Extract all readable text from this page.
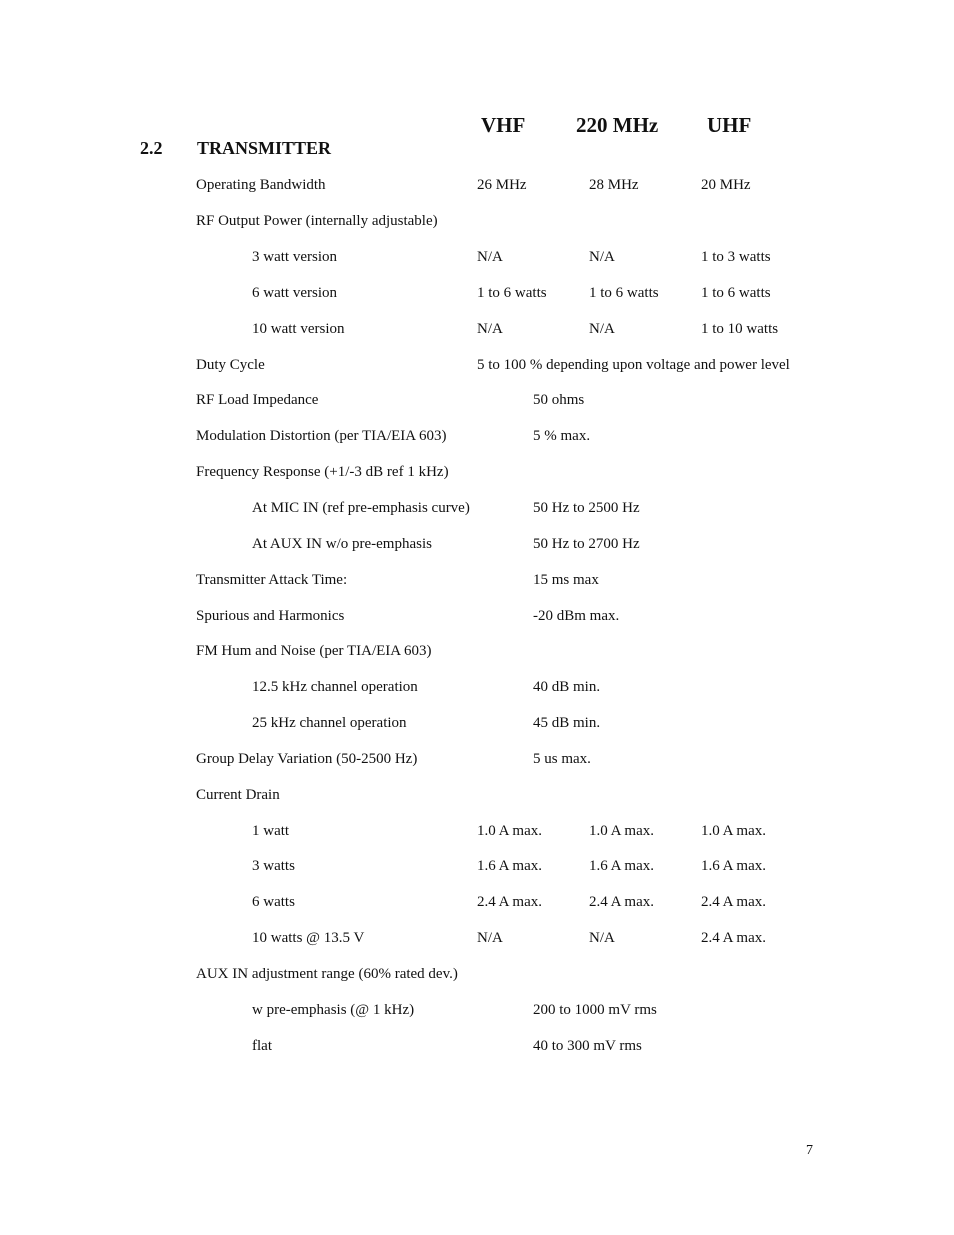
VHF 220 MHz UHF
2.2 TRANSMITTER
Operating Bandwidth	26 MHz	28 MHz	20 MHz
RF Output Power (internally adjustable)
3 watt version	N/A	N/A	1 to 3 watts
6 watt version	1 to 6 watts	1 to 6 watts	1 to 6 watts
10 watt version	N/A	N/A	1 to 10 watts
Duty Cycle	5 to 100 % depending upon voltage and power level
RF Load Impedance	50 ohms
Modulation Distortion (per TIA/EIA 603)	5 % max.
Frequency Response (+1/-3 dB ref 1 kHz)
At MIC IN (ref pre-emphasis curve)	50 Hz to 2500 Hz
At AUX IN w/o pre-emphasis	50 Hz to 2700 Hz
Transmitter Attack Time:	15 ms max
Spurious and Harmonics	-20 dBm max.
FM Hum and Noise (per TIA/EIA 603)
12.5 kHz channel operation	40 dB min.
25 kHz channel operation	45 dB min.
Group Delay Variation (50-2500 Hz)	5 us max.
Current Drain
1 watt	1.0 A max.	1.0 A max.	1.0 A max.
3 watts	1.6 A max.	1.6 A max.	1.6 A max.
6 watts	2.4 A max.	2.4 A max.	2.4 A max.
10 watts @ 13.5 V	N/A	N/A	2.4 A max.
AUX IN adjustment range (60% rated dev.)
w pre-emphasis (@ 1 kHz)	200 to 1000 mV rms
flat	40 to 300 mV rms
7
